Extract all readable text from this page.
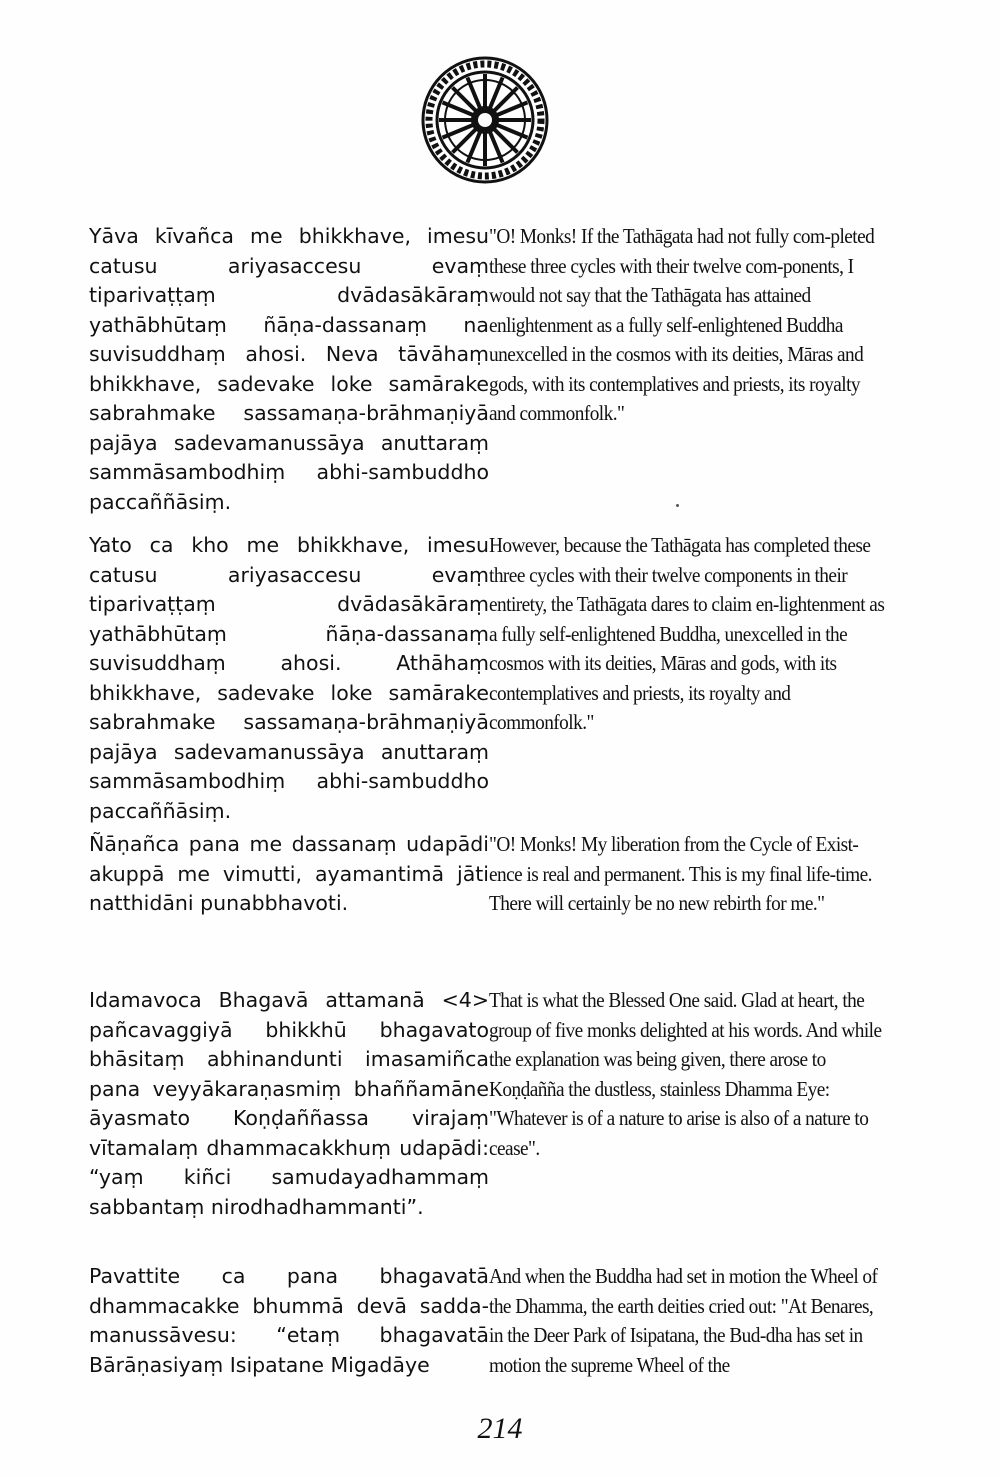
Yāva kīvañca me bhikkhave, imesu catusu ariyasaccesu evaṃ tiparivaṭṭaṃ dvādasākāraṃ yathābhūtaṃ ñāṇa-dassanaṃ na suvisuddhaṃ ahosi. Neva tāvāhaṃ bhikkhave, sadevake loke samārake sabrahmake sassamaṇa-brāhmaṇiyā pajāya sadevamanussāya anuttaraṃ sammāsambodhiṃ abhi-sambuddho paccaññāsiṃ.

"O! Monks! If the Tathāgata had not fully com-pleted these three cycles with their twelve com-ponents, I would not say that the Tathāgata has attained enlightenment as a fully self-enlightened Buddha unexcelled in the cosmos with its deities, Māras and gods, with its contemplatives and priests, its royalty and commonfolk."

Yato ca kho me bhikkhave, imesu catusu ariyasaccesu evaṃ tiparivaṭṭaṃ dvādasākāraṃ yathābhūtaṃ ñāṇa-dassanaṃ suvisuddhaṃ ahosi. Athāhaṃ bhikkhave, sadevake loke samārake sabrahmake sassamaṇa-brāhmaṇiyā pajāya sadevamanussāya anuttaraṃ sammāsambodhiṃ abhi-sambuddho paccaññāsiṃ.

However, because the Tathāgata has completed these three cycles with their twelve components in their entirety, the Tathāgata dares to claim en-lightenment as a fully self-enlightened Buddha, unexcelled in the cosmos with its deities, Māras and gods, with its contemplatives and priests, its royalty and commonfolk."

Ñāṇañca pana me dassanaṃ udapādi akuppā me vimutti, ayamantimā jāti natthidāni punabbhavoti.

"O! Monks! My liberation from the Cycle of Exist-ence is real and permanent. This is my final life-time. There will certainly be no new rebirth for me."

Idamavoca Bhagavā attamanā <4> pañcavaggiyā bhikkhū bhagavato bhāsitaṃ abhinandunti imasamiñca pana veyyākaraṇasmiṃ bhaññamāne āyasmato Koṇḍaññassa virajaṃ vītamalaṃ dhammacakkhuṃ udapādi: “yaṃ kiñci samudayadhammaṃ sabbantaṃ nirodhadhammanti”.

That is what the Blessed One said. Glad at heart, the group of five monks delighted at his words. And while the explanation was being given, there arose to Koṇḍañña the dustless, stainless Dhamma Eye: "Whatever is of a nature to arise is also of a nature to cease".

Pavattite ca pana bhagavatā dhammacakke bhummā devā sadda-manussāvesu: “etaṃ bhagavatā Bārāṇasiyaṃ Isipatane Migadāye

And when the Buddha had set in motion the Wheel of the Dhamma, the earth deities cried out: "At Benares, in the Deer Park of Isipatana, the Bud-dha has set in motion the supreme Wheel of the

214
